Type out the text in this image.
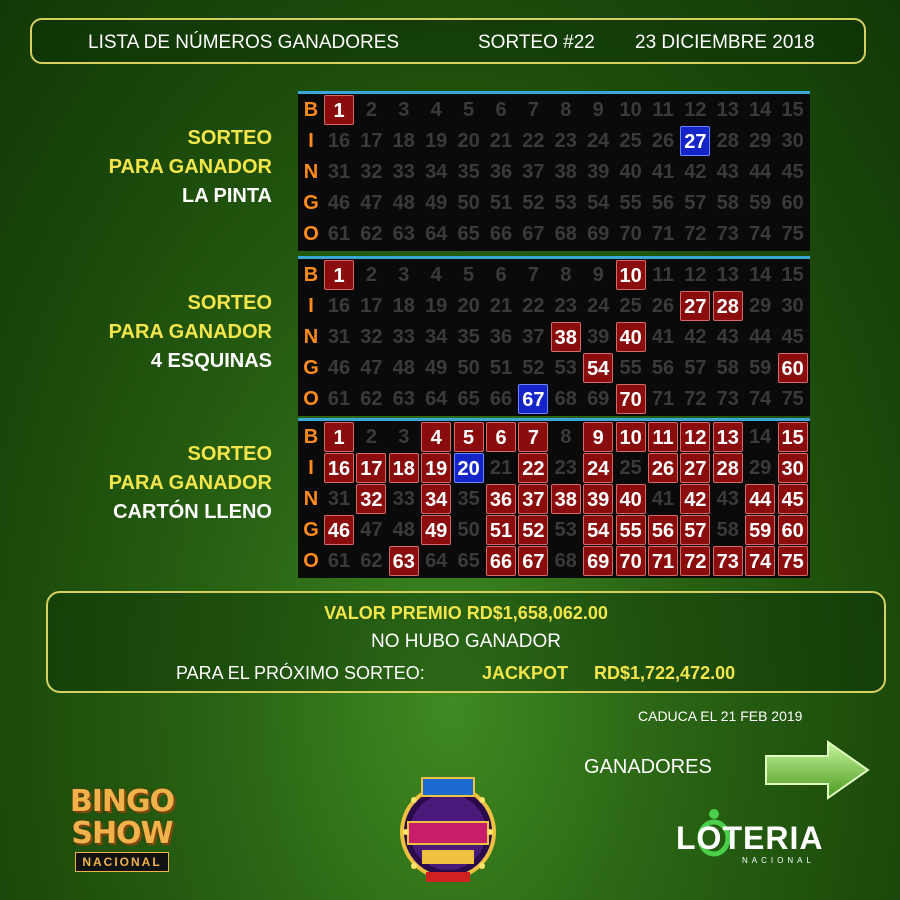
LISTA DE NÚMEROS GANADORES	SORTEO #22 23 DICIEMBRE 2018
SORTEO
PARA GANADOR
LA PINTA
SORTEO
PARA GANADOR
4 ESQUINAS
SORTEO
PARA GANADOR
CARTÓN LLENO
B 1	2	3	4	5	6	7	8	9 10 11 12 13 14 15
I 16 17 18 19 20 21 22 23 24 25 26 27 28 29 30
N 31 32 33 34 35 36 37 38 39 40 41 42 43 44 45
G 46 47 48 49 50 51 52 53 54 55 56 57 58 59 60
O 61 62 63 64 65 66 67 68 69 70 71 72 73 74 75
B 1	2	3	4	5	6	7	8	9 10 11 12 13 14 15
I 16 17 18 19 20 21 22 23 24 25 26 27 28 29 30
N 31 32 33 34 35 36 37 38 39 40 41 42 43 44 45
G 46 47 48 49 50 51 52 53 54 55 56 57 58 59 60
O 61 62 63 64 65 66 67 68 69 70 71 72 73 74 75
B 1	2	3	4	5	6	7	8	9 10 11 12 13 14 15
I 16 17 18 19 20 21 22 23 24 25 26 27 28 29 30
N 31 32 33 34 35 36 37 38 39 40 41 42 43 44 45
G 46 47 48 49 50 51 52 53 54 55 56 57 58 59 60
O 61 62 63 64 65 66 67 68 69 70 71 72 73 74 75
VALOR PREMIO RD$1,658,062.00
NO HUBO GANADOR
PARA EL PRÓXIMO SORTEO:	JACKPOT RD$1,722,472.00
CADUCA EL 21 FEB 2019
GANADORES
BINGO
SHOW
NACIONAL
LOTERIA
NACIONAL
